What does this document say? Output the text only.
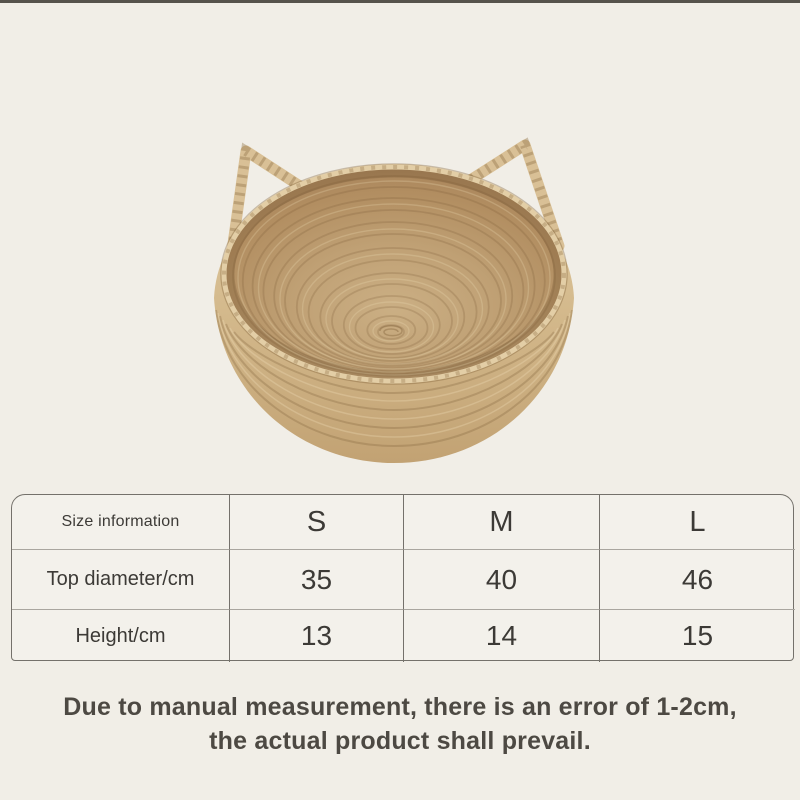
Size information	S	M	L
Top diameter/cm	35	40	46
Height/cm	13	14	15
Due to manual measurement, there is an error of 1-2cm,
the actual product shall prevail.
